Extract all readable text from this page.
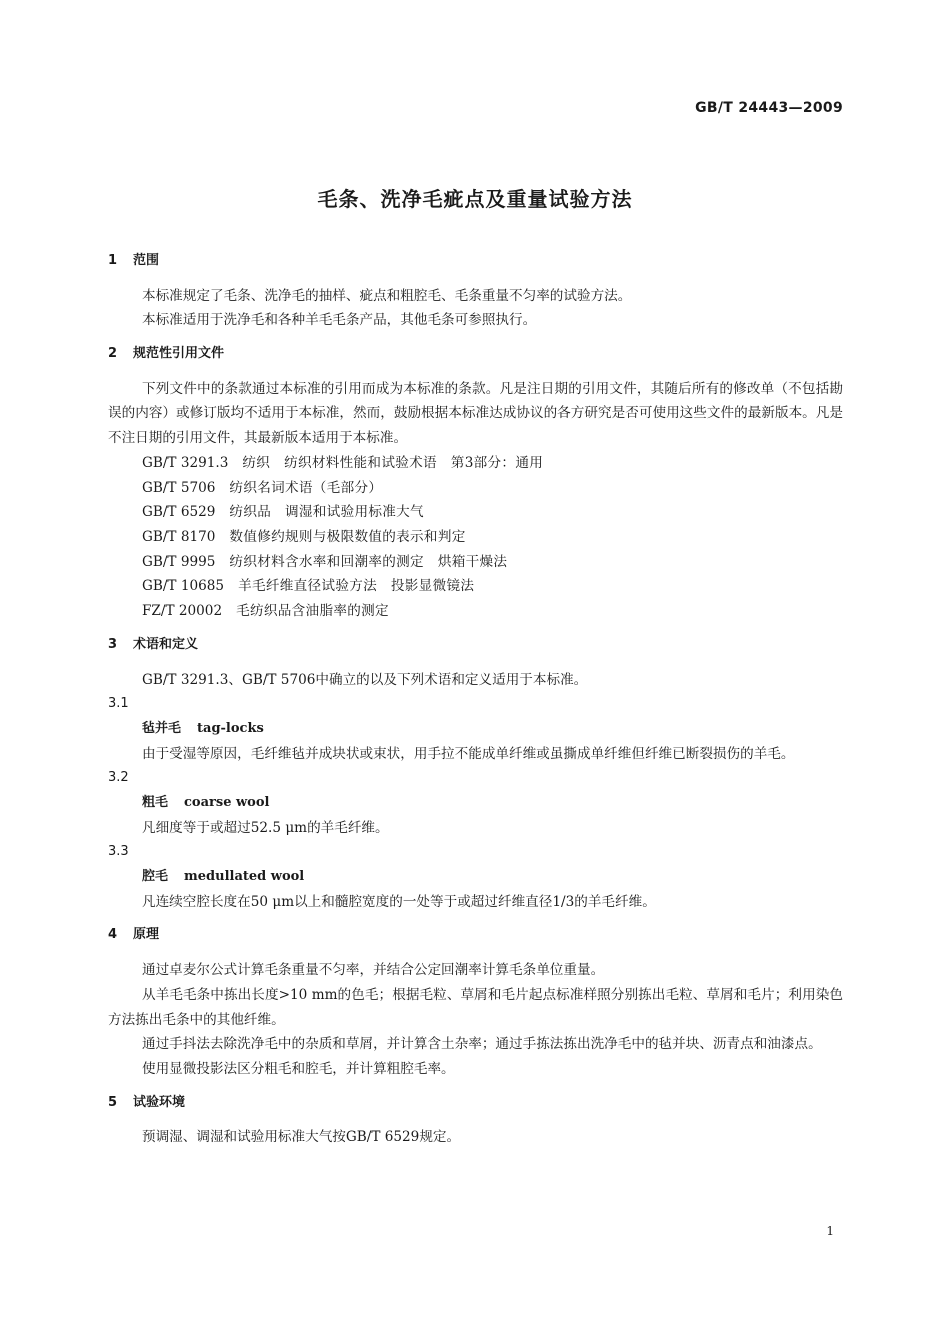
GB/T 24443—2009
毛条、洗净毛疵点及重量试验方法
1 范围

本标准规定了毛条、洗净毛的抽样、疵点和粗腔毛、毛条重量不匀率的试验方法。

本标准适用于洗净毛和各种羊毛毛条产品，其他毛条可参照执行。

2 规范性引用文件

下列文件中的条款通过本标准的引用而成为本标准的条款。凡是注日期的引用文件，其随后所有的修改单（不包括勘误的内容）或修订版均不适用于本标准，然而，鼓励根据本标准达成协议的各方研究是否可使用这些文件的最新版本。凡是不注日期的引用文件，其最新版本适用于本标准。

GB/T 3291.3 纺织　纺织材料性能和试验术语　第3部分：通用
GB/T 5706 纺织名词术语（毛部分）
GB/T 6529 纺织品　调湿和试验用标准大气
GB/T 8170 数值修约规则与极限数值的表示和判定
GB/T 9995 纺织材料含水率和回潮率的测定　烘箱干燥法
GB/T 10685 羊毛纤维直径试验方法　投影显微镜法
FZ/T 20002 毛纺织品含油脂率的测定
3 术语和定义

GB/T 3291.3、GB/T 5706中确立的以及下列术语和定义适用于本标准。

3.1
毡并毛 tag-locks

由于受湿等原因，毛纤维毡并成块状或束状，用手拉不能成单纤维或虽撕成单纤维但纤维已断裂损伤的羊毛。

3.2
粗毛 coarse wool

凡细度等于或超过52.5 μm的羊毛纤维。

3.3
腔毛 medullated wool

凡连续空腔长度在50 μm以上和髓腔宽度的一处等于或超过纤维直径1/3的羊毛纤维。

4 原理

通过卓麦尔公式计算毛条重量不匀率，并结合公定回潮率计算毛条单位重量。

从羊毛毛条中拣出长度>10 mm的色毛；根据毛粒、草屑和毛片起点标准样照分别拣出毛粒、草屑和毛片；利用染色方法拣出毛条中的其他纤维。

通过手抖法去除洗净毛中的杂质和草屑，并计算含土杂率；通过手拣法拣出洗净毛中的毡并块、沥青点和油漆点。

使用显微投影法区分粗毛和腔毛，并计算粗腔毛率。

5 试验环境

预调湿、调湿和试验用标准大气按GB/T 6529规定。

1
